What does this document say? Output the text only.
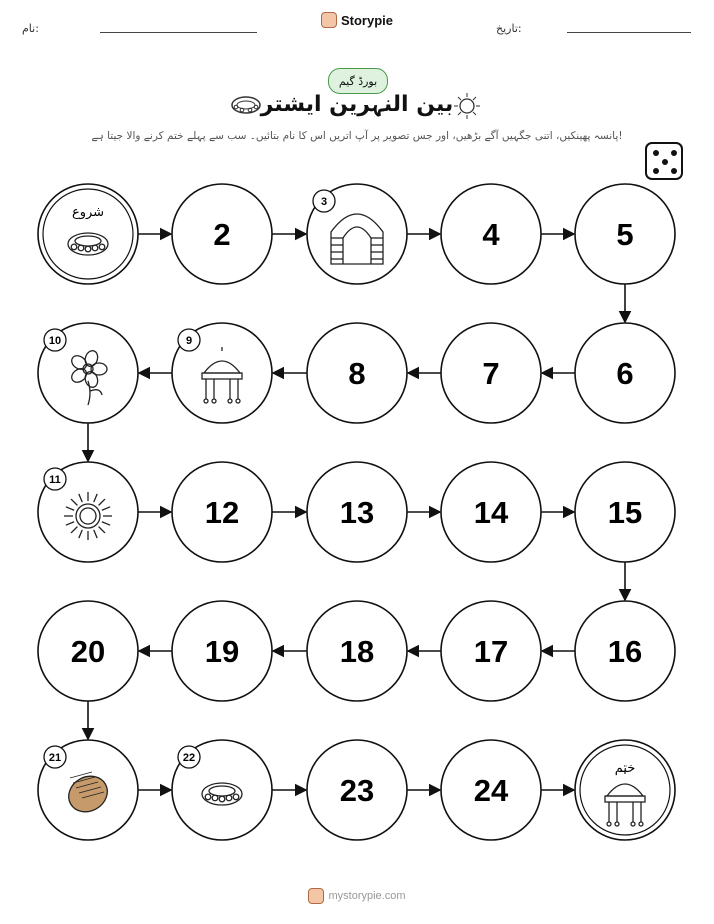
نام:
Storypie
تاریخ:
بورڈ گیم
بین النہرین ایشتر
پانسہ پھینکیں، اتنی جگہیں آگے بڑھیں، اور جس تصویر پر آپ اتریں اس کا نام بتائیں۔ سب سے پہلے ختم کرنے والا جیتا ہے!
شروع
2
3
4	5
6
7
8
9
10
11
12	13	14	15
16
17
18
19
20
21	22
23	24
ختم
mystorypie.com
